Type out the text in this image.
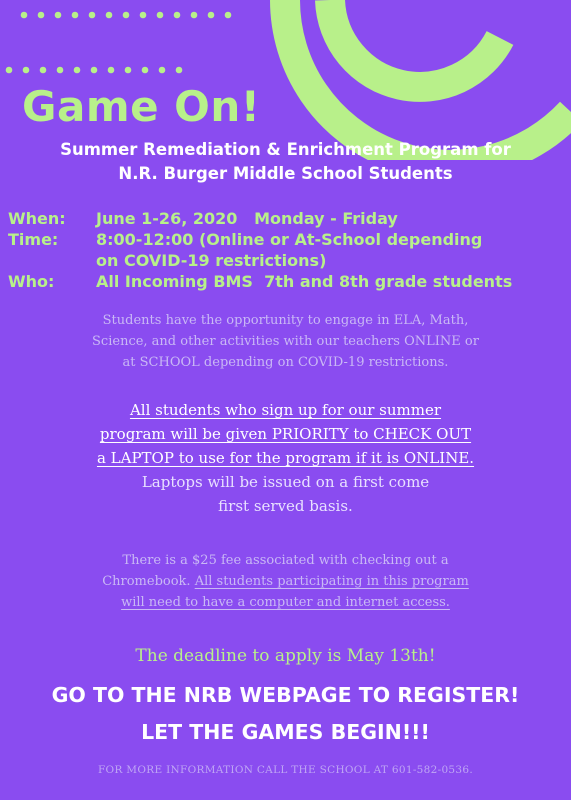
Game On!
Summer Remediation & Enrichment Program for
N.R. Burger Middle School Students
When:	June 1-26, 2020   Monday - Friday
Time:	8:00-12:00 (Online or At-School depending
on COVID-19 restrictions)
Who:	All Incoming BMS  7th and 8th grade students
Students have the opportunity to engage in ELA, Math,
Science, and other activities with our teachers ONLINE or
at SCHOOL depending on COVID-19 restrictions.
All students who sign up for our summer
program will be given PRIORITY to CHECK OUT
a LAPTOP to use for the program if it is ONLINE.
Laptops will be issued on a first come
first served basis.
There is a $25 fee associated with checking out a
Chromebook. All students participating in this program
will need to have a computer and internet access.
The deadline to apply is May 13th!
GO TO THE NRB WEBPAGE TO REGISTER!
LET THE GAMES BEGIN!!!
FOR MORE INFORMATION CALL THE SCHOOL AT 601-582-0536.
